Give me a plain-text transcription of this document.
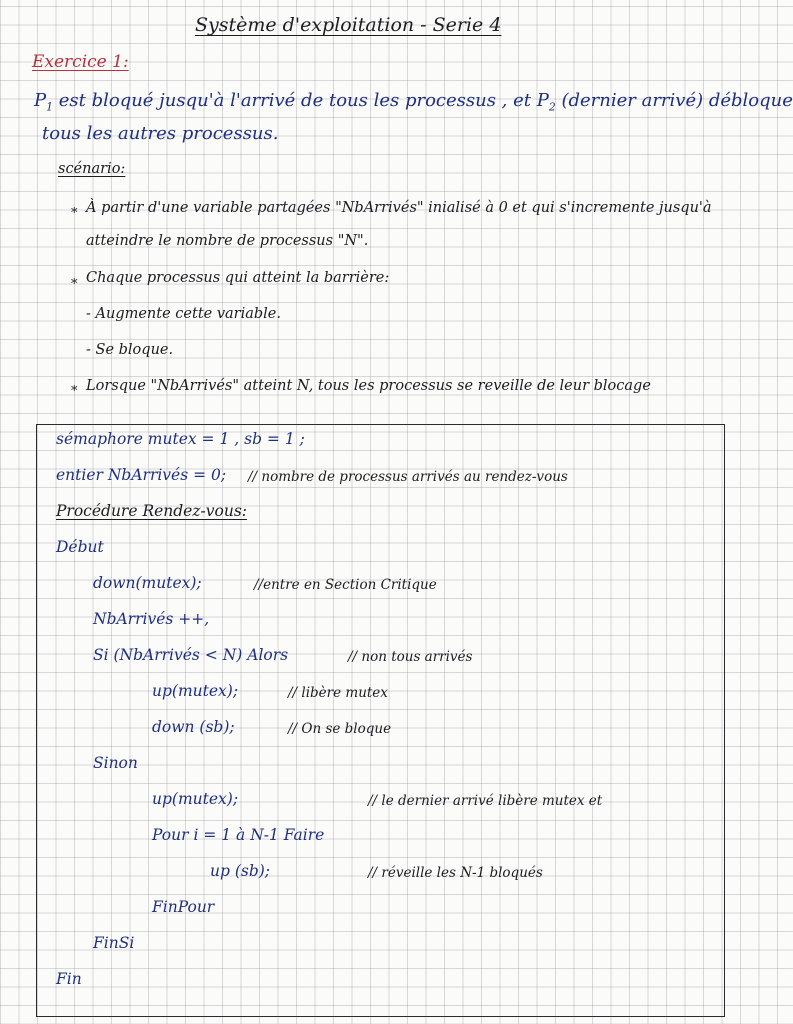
Système d'exploitation - Serie 4
Exercice 1:
$P_1$ est bloqué jusqu'à l'arrivé de tous les processus , et $P_2$ (dernier arrivé) débloque
tous les autres processus.
scénario:
* À partir d'une variable partagées "NbArrivés" inialisé à 0 et qui s'incremente jusqu'à
atteindre le nombre de processus "N".
* Chaque processus qui atteint la barrière:
- Augmente cette variable.
- Se bloque.
* Lorsque "NbArrivés" atteint N, tous les processus se reveille de leur blocage
sémaphore mutex = 1 , sb = 1 ;
entier NbArrivés = 0; // nombre de processus arrivés au rendez-vous
Procédure Rendez-vous:
Début
down(mutex);	//entre en Section Critique
NbArrivés ++,
Si (NbArrivés < N) Alors	// non tous arrivés
up(mutex);	// libère mutex
down (sb);	// On se bloque
Sinon
up(mutex);	// le dernier arrivé libère mutex et
Pour i = 1 à N-1 Faire
up (sb);	// réveille les N-1 bloqués
FinPour
FinSi
Fin
